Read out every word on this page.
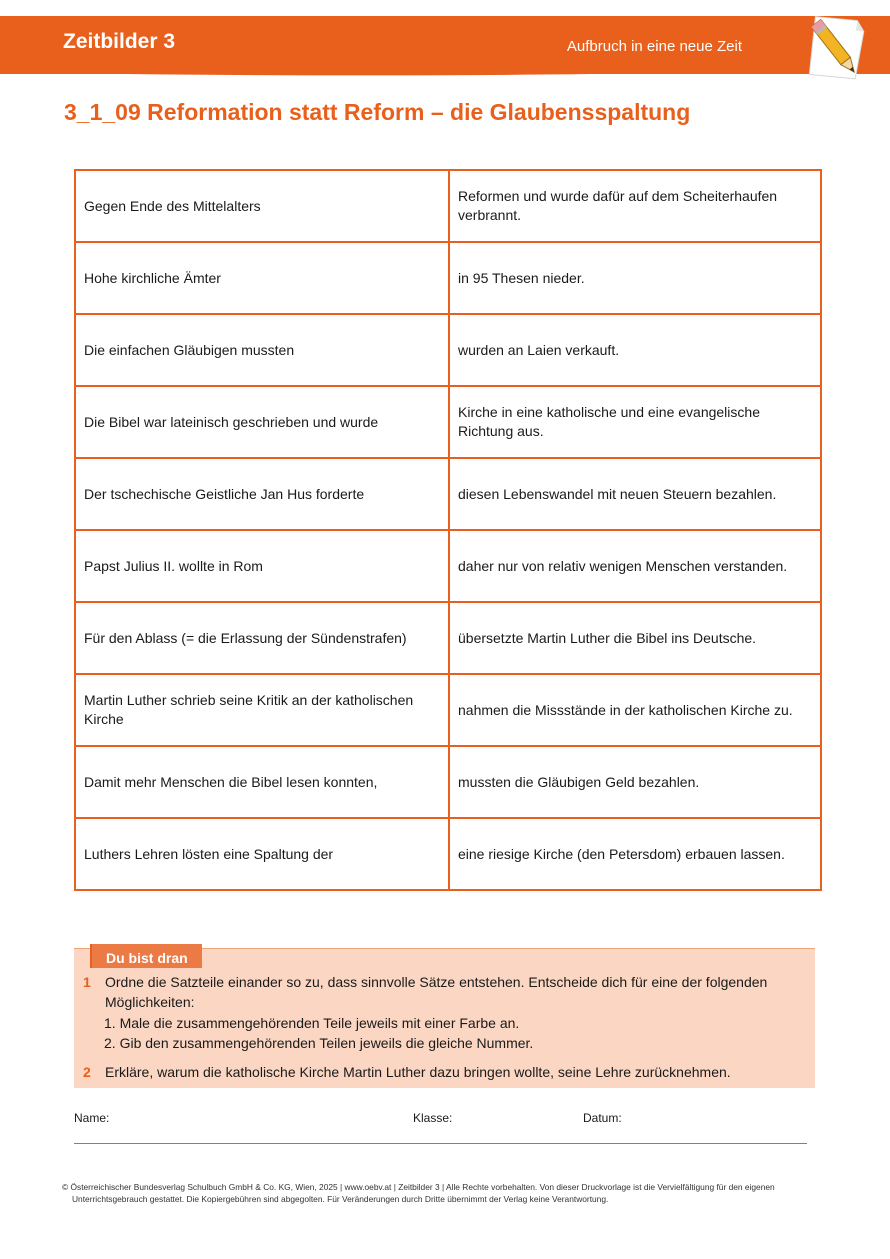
Zeitbilder 3	Aufbruch in eine neue Zeit
3_1_09 Reformation statt Reform – die Glaubensspaltung
Gegen Ende des Mittelalters	Reformen und wurde dafür auf dem Scheiterhaufen verbrannt.
Hohe kirchliche Ämter	in 95 Thesen nieder.
Die einfachen Gläubigen mussten	wurden an Laien verkauft.
Die Bibel war lateinisch geschrieben und wurde	Kirche in eine katholische und eine evangelische Richtung aus.
Der tschechische Geistliche Jan Hus forderte	diesen Lebenswandel mit neuen Steuern bezahlen.
Papst Julius II. wollte in Rom	daher nur von relativ wenigen Menschen verstanden.
Für den Ablass (= die Erlassung der Sündenstrafen)	übersetzte Martin Luther die Bibel ins Deutsche.
Martin Luther schrieb seine Kritik an der katholischen Kirche	nahmen die Missstände in der katholischen Kirche zu.
Damit mehr Menschen die Bibel lesen konnten,	mussten die Gläubigen Geld bezahlen.
Luthers Lehren lösten eine Spaltung der	eine riesige Kirche (den Petersdom) erbauen lassen.
Du bist dran
1 Ordne die Satzteile einander so zu, dass sinnvolle Sätze entstehen. Entscheide dich für eine der folgenden
Möglichkeiten:
1. Male die zusammengehörenden Teile jeweils mit einer Farbe an.
2. Gib den zusammengehörenden Teilen jeweils die gleiche Nummer.
2 Erkläre, warum die katholische Kirche Martin Luther dazu bringen wollte, seine Lehre zurücknehmen.
Name:	Klasse:	Datum:
© Österreichischer Bundesverlag Schulbuch GmbH & Co. KG, Wien, 2025 | www.oebv.at | Zeitbilder 3 | Alle Rechte vorbehalten. Von dieser Druckvorlage ist die Vervielfältigung für den eigenen
Unterrichtsgebrauch gestattet. Die Kopiergebühren sind abgegolten. Für Veränderungen durch Dritte übernimmt der Verlag keine Verantwortung.
